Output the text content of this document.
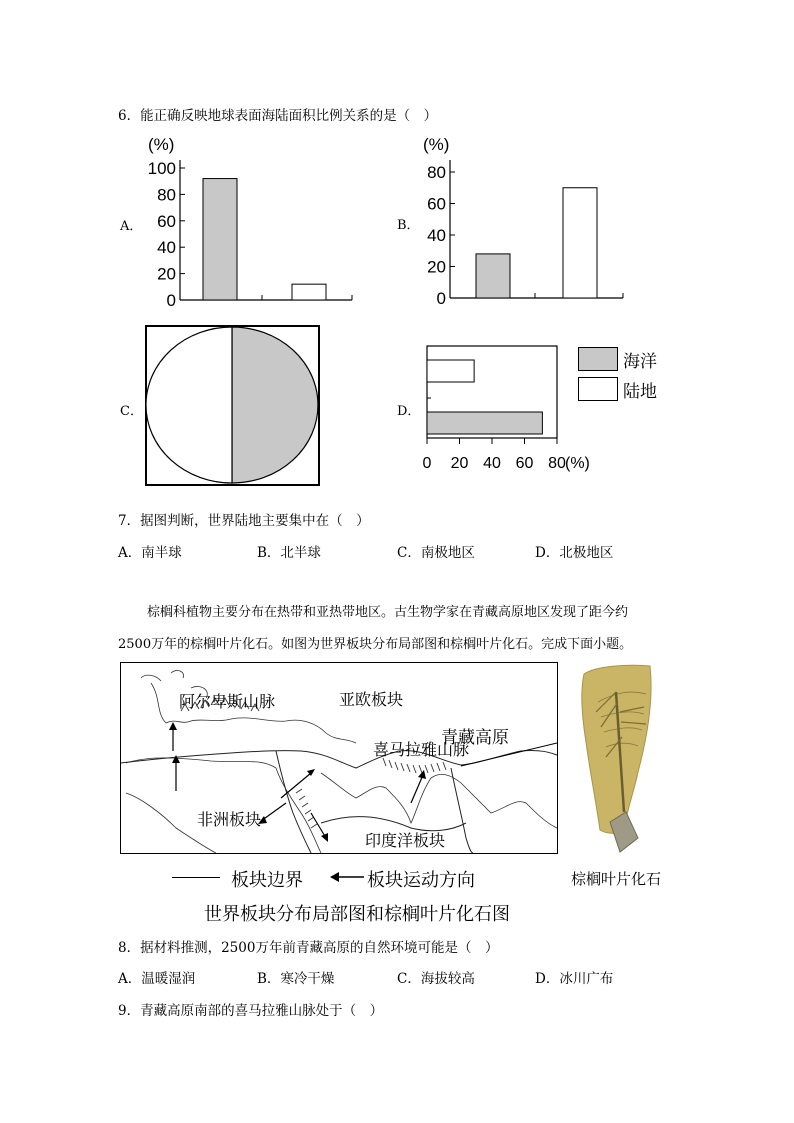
6．能正确反映地球表面海陆面积比例关系的是（　）
A．	B．
C．	D．
(%)
100
80
60
40
20
0
(%)
80
60
40
20
0
0 20 40 60 80 (%)
海洋
陆地
7．据图判断，世界陆地主要集中在（　）
A．南半球	B．北半球	C．南极地区	D．北极地区
棕榈科植物主要分布在热带和亚热带地区。古生物学家在青藏高原地区发现了距今约
2500万年的棕榈叶片化石。如图为世界板块分布局部图和棕榈叶片化石。完成下面小题。
阿尔卑斯山脉	亚欧板块
青藏高原
喜马拉雅山脉
非洲板块
印度洋板块
棕榈叶片化石
板块边界	板块运动方向
世界板块分布局部图和棕榈叶片化石图
8．据材料推测，2500万年前青藏高原的自然环境可能是（　）
A．温暖湿润	B．寒冷干燥	C．海拔较高	D．冰川广布
9．青藏高原南部的喜马拉雅山脉处于（　）
